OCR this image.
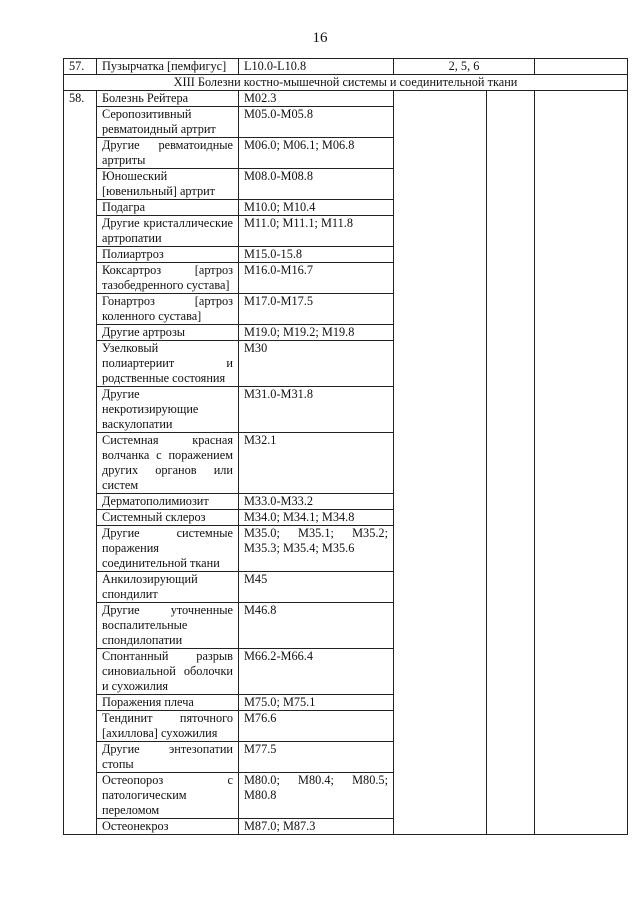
16
57.	Пузырчатка [пемфигус]	L10.0-L10.8	2, 5, 6		
XIII Болезни костно-мышечной системы и соединительной ткани					
58.	Болезнь Рейтера	M02.3			
	Серопозитивный ревматоидный артрит	M05.0-M05.8			
	Другие ревматоидные артриты	M06.0; M06.1; M06.8			
	Юношеский [ювенильный] артрит	M08.0-M08.8			
	Подагра	M10.0; M10.4			
	Другие кристаллические артропатии	M11.0; M11.1; M11.8			
	Полиартроз	M15.0-15.8			
	Коксартроз [артроз тазобедренного сустава]	M16.0-M16.7			
	Гонартроз [артроз коленного сустава]	M17.0-M17.5			
	Другие артрозы	M19.0; M19.2; M19.8			
	Узелковый полиартериит и родственные состояния	M30			
	Другие некротизирующие васкулопатии	M31.0-M31.8			
	Системная красная волчанка с поражением других органов или систем	M32.1			
	Дерматополимиозит	M33.0-M33.2			
	Системный склероз	M34.0; M34.1; M34.8			
	Другие системные поражения соединительной ткани	M35.0; M35.1; M35.2; M35.3; M35.4; M35.6			
	Анкилозирующий спондилит	M45			
	Другие уточненные воспалительные спондилопатии	M46.8			
	Спонтанный разрыв синовиальной оболочки и сухожилия	M66.2-M66.4			
	Поражения плеча	M75.0; M75.1			
	Тендинит пяточного [ахиллова] сухожилия	M76.6			
	Другие энтезопатии стопы	M77.5			
	Остеопороз с патологическим переломом	M80.0; M80.4; M80.5; M80.8			
	Остеонекроз	M87.0; M87.3			
